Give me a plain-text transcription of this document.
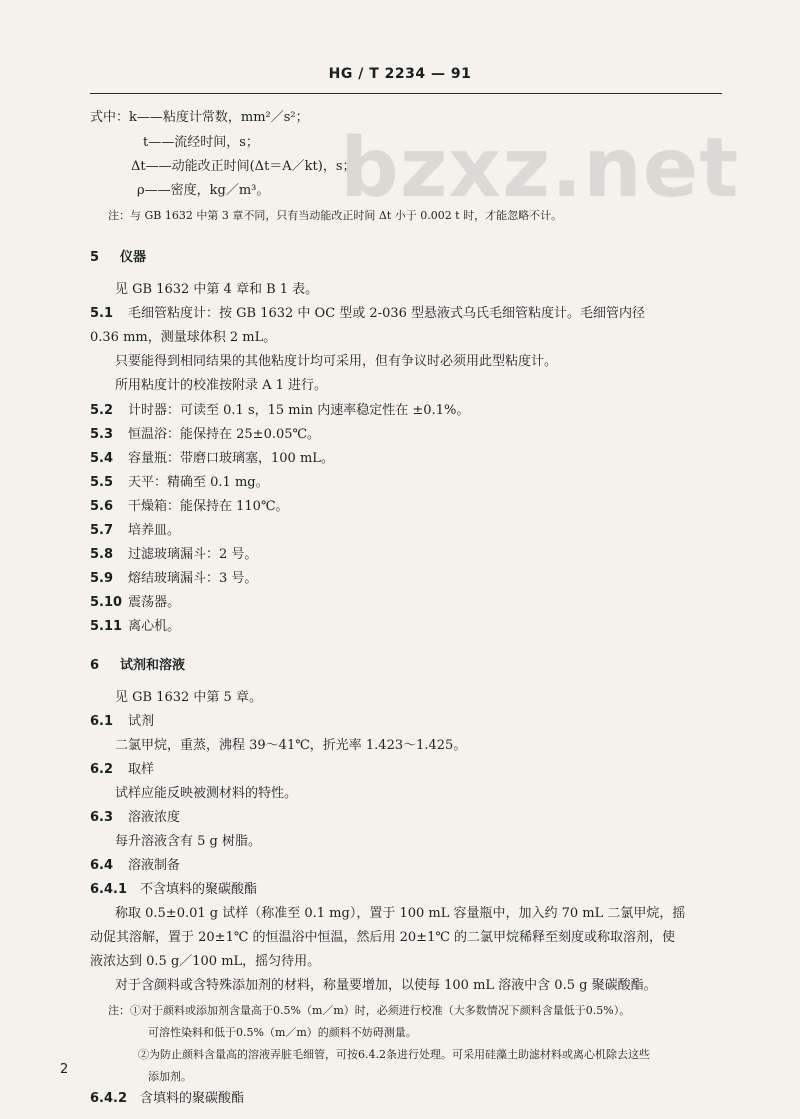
HG / T 2234 — 91
bzxz.net
式中：k——粘度计常数，mm²／s²；
t——流经时间，s；
Δt——动能改正时间(Δt＝A／kt)，s；
ρ——密度，kg／m³。
注：与 GB 1632 中第 3 章不同，只有当动能改正时间 Δt 小于 0.002 t 时，才能忽略不计。
5 仪器
见 GB 1632 中第 4 章和 B 1 表。
5.1 毛细管粘度计：按 GB 1632 中 OC 型或 2-036 型悬液式乌氏毛细管粘度计。毛细管内径
0.36 mm，测量球体积 2 mL。
只要能得到相同结果的其他粘度计均可采用，但有争议时必须用此型粘度计。
所用粘度计的校准按附录 A 1 进行。
5.2 计时器：可读至 0.1 s，15 min 内速率稳定性在 ±0.1%。
5.3 恒温浴：能保持在 25±0.05℃。
5.4 容量瓶：带磨口玻璃塞，100 mL。
5.5 天平：精确至 0.1 mg。
5.6 干燥箱：能保持在 110℃。
5.7 培养皿。
5.8 过滤玻璃漏斗：2 号。
5.9 熔结玻璃漏斗：3 号。
5.10 震荡器。
5.11 离心机。
6 试剂和溶液
见 GB 1632 中第 5 章。
6.1 试剂
二氯甲烷，重蒸，沸程 39～41℃，折光率 1.423～1.425。
6.2 取样
试样应能反映被测材料的特性。
6.3 溶液浓度
每升溶液含有 5 g 树脂。
6.4 溶液制备
6.4.1 不含填料的聚碳酸酯
称取 0.5±0.01 g 试样（称准至 0.1 mg），置于 100 mL 容量瓶中，加入约 70 mL 二氯甲烷，摇
动促其溶解，置于 20±1℃ 的恒温浴中恒温，然后用 20±1℃ 的二氯甲烷稀释至刻度或称取溶剂，使
液浓达到 0.5 g／100 mL，摇匀待用。
对于含颜料或含特殊添加剂的材料，称量要增加，以使每 100 mL 溶液中含 0.5 g 聚碳酸酯。
注：①对于颜料或添加剂含量高于0.5%（m／m）时，必须进行校准（大多数情况下颜料含量低于0.5%）。
可溶性染料和低于0.5%（m／m）的颜料不妨碍测量。
②为防止颜料含量高的溶液弄脏毛细管，可按6.4.2条进行处理。可采用硅藻土助滤材料或离心机除去这些
添加剂。
6.4.2 含填料的聚碳酸酯
2
